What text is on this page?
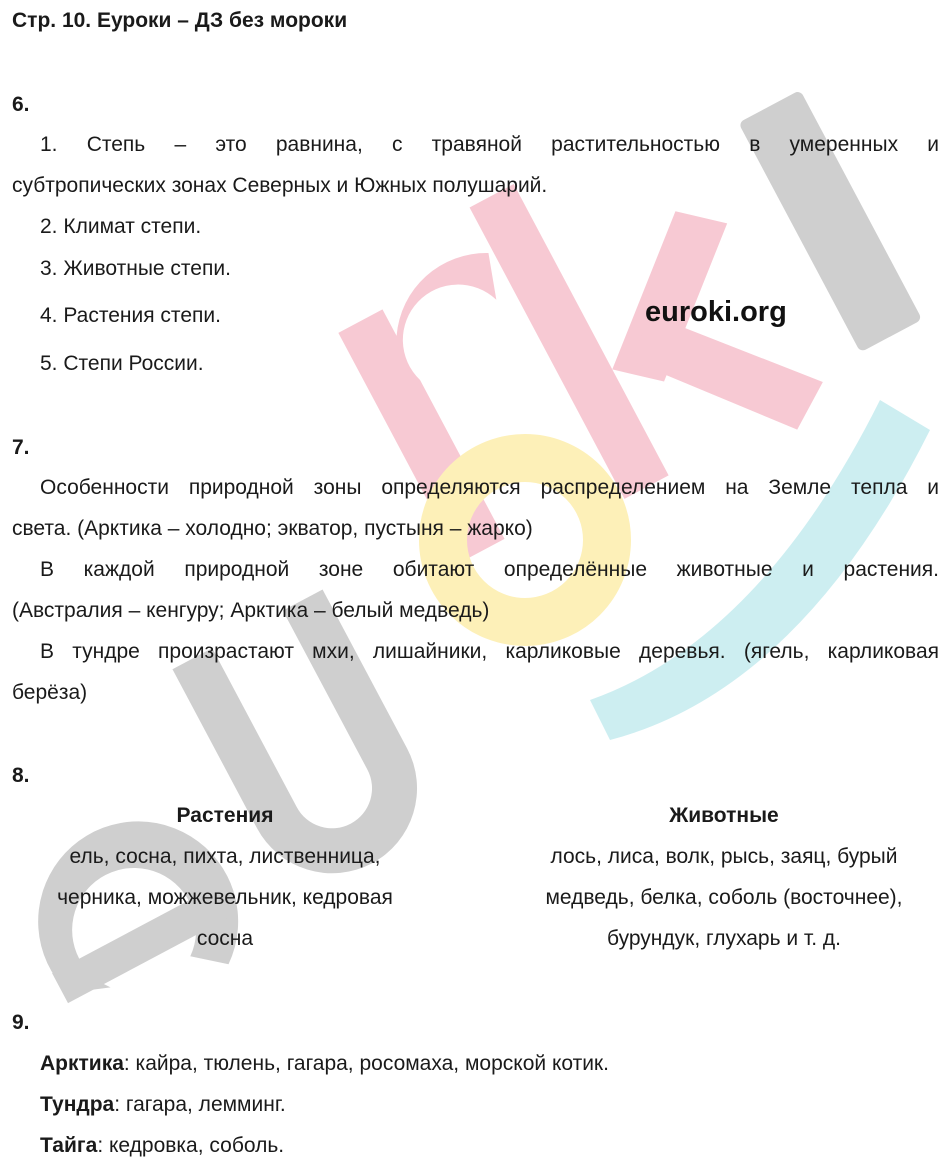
Стр. 10. Еуроки – ДЗ без мороки
6.
1. Степь – это равнина, с травяной растительностью в умеренных и
субтропических зонах Северных и Южных полушарий.
2. Климат степи.
3. Животные степи.
4. Растения степи.	euroki.org
5. Степи России.
7.
Особенности природной зоны определяются распределением на Земле тепла и
света. (Арктика – холодно; экватор, пустыня – жарко)
В каждой природной зоне обитают определённые животные и растения.
(Австралия – кенгуру; Арктика – белый медведь)
В тундре произрастают мхи, лишайники, карликовые деревья. (ягель, карликовая
берёза)
8.
Растения
ель, сосна, пихта, лиственница,
черника, можжевельник, кедровая
сосна
Животные
лось, лиса, волк, рысь, заяц, бурый
медведь, белка, соболь (восточнее),
бурундук, глухарь и т. д.
9.
Арктика: кайра, тюлень, гагара, росомаха, морской котик.
Тундра: гагара, лемминг.
Тайга: кедровка, соболь.
